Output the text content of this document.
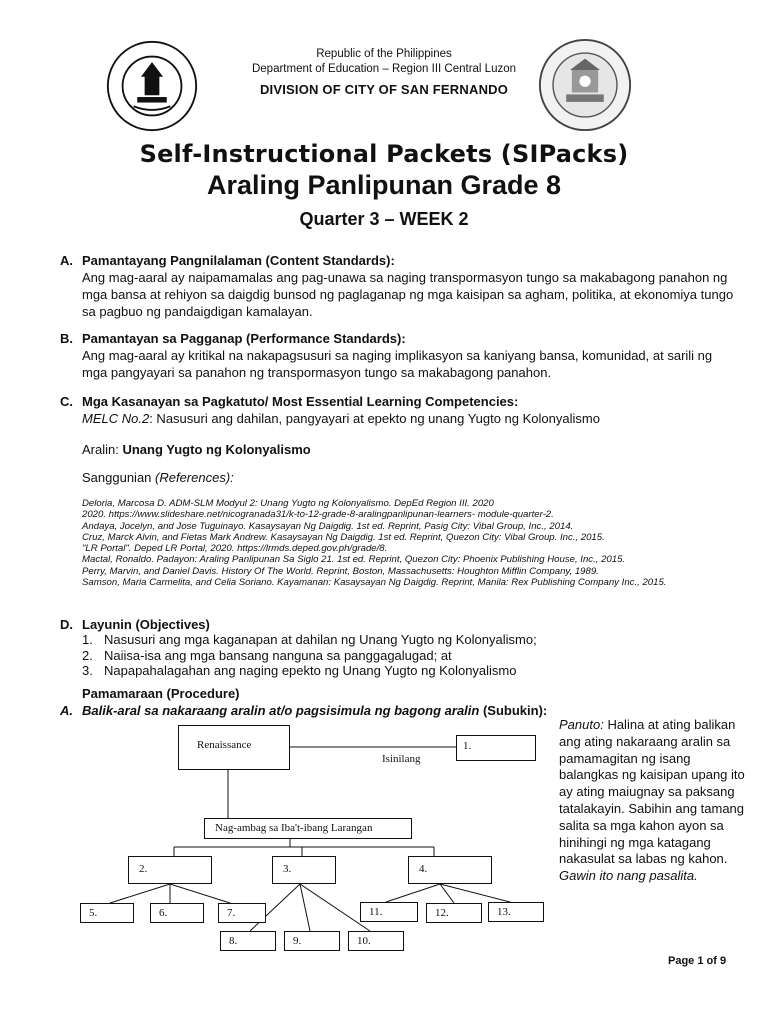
Republic of the Philippines
Department of Education – Region III Central Luzon
DIVISION OF CITY OF SAN FERNANDO
Self-Instructional Packets (SIPacks)
Araling Panlipunan Grade 8
Quarter 3 – WEEK 2
A. Pamantayang Pangnilalaman (Content Standards):
Ang mag-aaral ay naipamamalas ang pag-unawa sa naging transpormasyon tungo sa makabagong panahon ng mga bansa at rehiyon sa daigdig bunsod ng paglaganap ng mga kaisipan sa agham, politika, at ekonomiya tungo sa pagbuo ng pandaigdigan kamalayan.
B. Pamantayan sa Pagganap (Performance Standards):
Ang mag-aaral ay kritikal na nakapagsusuri sa naging implikasyon sa kaniyang bansa, komunidad, at sarili ng mga pangyayari sa panahon ng transpormasyon tungo sa makabagong panahon.
C. Mga Kasanayan sa Pagkatuto/ Most Essential Learning Competencies:
MELC No.2: Nasusuri ang dahilan, pangyayari at epekto ng unang Yugto ng Kolonyalismo
Aralin: Unang Yugto ng Kolonyalismo
Sanggunian (References):
Deloria, Marcosa D. ADM-SLM Modyul 2: Unang Yugto ng Kolonyalismo. DepEd Region III. 2020
2020. https://www.slideshare.net/nicogranada31/k-to-12-grade-8-aralingpanlipunan-learners- module-quarter-2.
Andaya, Jocelyn, and Jose Tuguinayo. Kasaysayan Ng Daigdig. 1st ed. Reprint, Pasig City: Vibal Group, Inc., 2014.
Cruz, Marck Alvin, and Fietas Mark Andrew. Kasaysayan Ng Daigdig. 1st ed. Reprint, Quezon City: Vibal Group. Inc., 2015.
"LR Portal". Deped LR Portal, 2020. https://lrmds.deped.gov.ph/grade/8.
Mactal, Ronaldo. Padayon: Araling Panlipunan Sa Siglo 21. 1st ed. Reprint, Quezon City: Phoenix Publishing House, Inc., 2015.
Perry, Marvin, and Daniel Davis. History Of The World. Reprint, Boston, Massachusetts: Houghton Mifflin Company, 1989.
Samson, Maria Carmelita, and Celia Soriano. Kayamanan: Kasaysayan Ng Daigdig. Reprint, Manila: Rex Publishing Company Inc., 2015.
D. Layunin (Objectives)
1. Nasusuri ang mga kaganapan at dahilan ng Unang Yugto ng Kolonyalismo;
2. Naiisa-isa ang mga bansang nanguna sa panggagalugad; at
3. Napapahalagahan ang naging epekto ng Unang Yugto ng Kolonyalismo
Pamamaraan (Procedure)
A. Balik-aral sa nakaraang aralin at/o pagsisimula ng bagong aralin (Subukin):
Panuto: Halina at ating balikan ang ating nakaraang aralin sa pamamagitan ng isang balangkas ng kaisipan upang ito ay ating maiugnay sa paksang tatalakayin. Sabihin ang tamang salita sa mga kahon ayon sa hinihingi ng mga katagang nakasulat sa labas ng kahon. Gawin ito nang pasalita.
Renaissance
Isinilang
1.
Nag-ambag sa Iba't-ibang Larangan
2.	3.	4.
5.	6.	7.
8.	9.	10.
11.	12.	13.
Page 1 of 9
